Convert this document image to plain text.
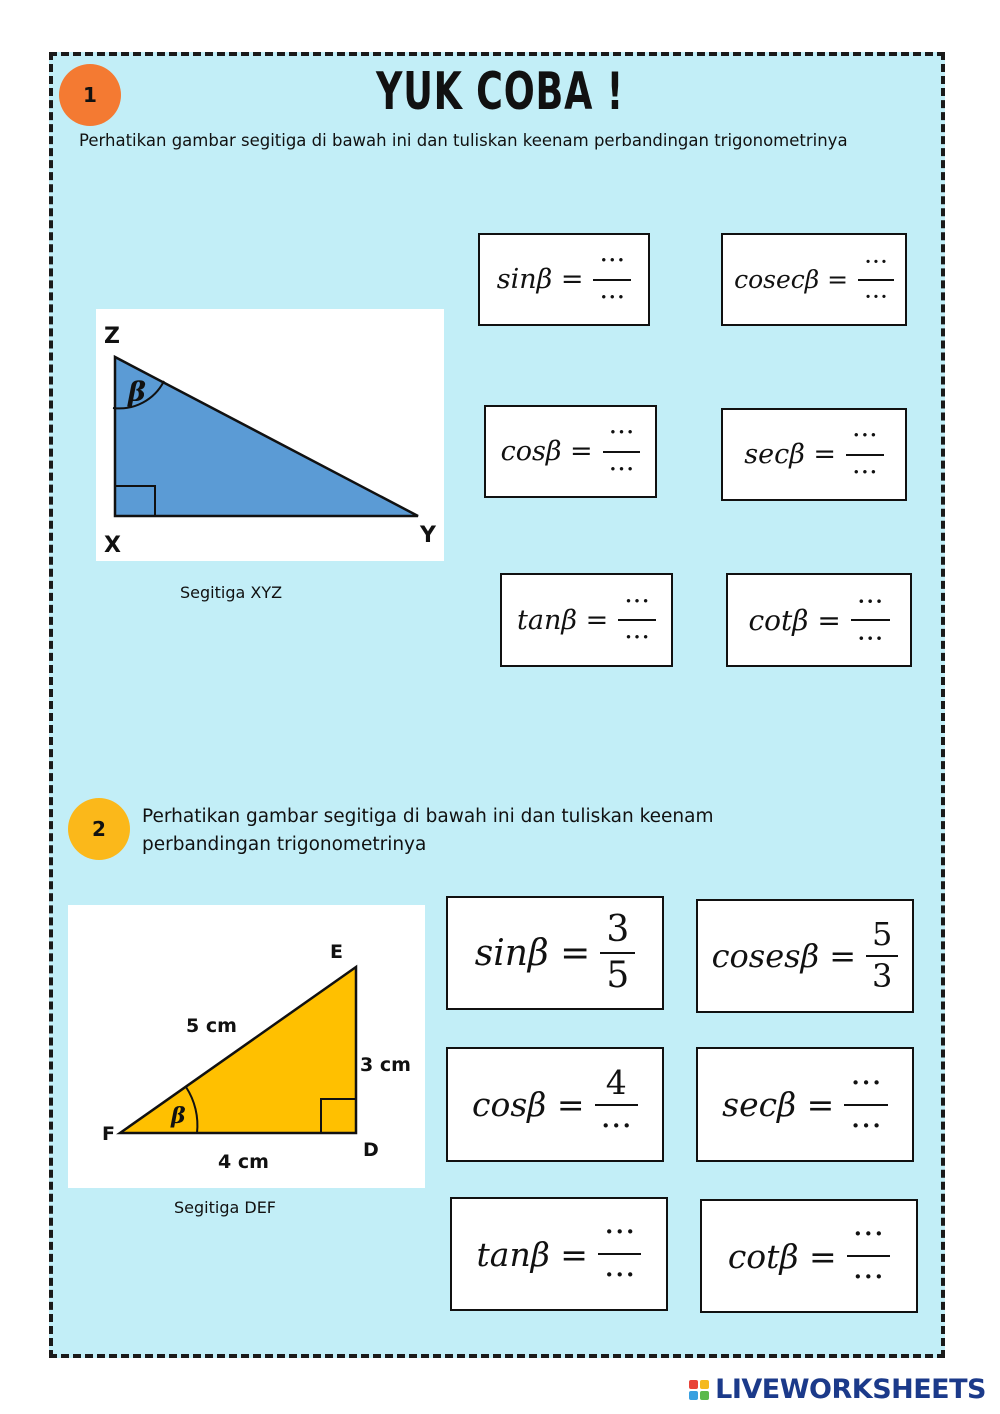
1	YUK COBA !
Perhatikan gambar segitiga di bawah ini dan tuliskan keenam perbandingan trigonometrinya
β
Z
X	Y
Segitiga XYZ
$\sin\beta = \frac{\cdot\cdot\cdot}{\cdot\cdot\cdot}$	$cosec\beta = \frac{\cdot\cdot\cdot}{\cdot\cdot\cdot}$
$\cos\beta = \frac{\cdot\cdot\cdot}{\cdot\cdot\cdot}$	$\sec\beta = \frac{\cdot\cdot\cdot}{\cdot\cdot\cdot}$
$\tan\beta = \frac{\cdot\cdot\cdot}{\cdot\cdot\cdot}$	$\cot\beta = \frac{\cdot\cdot\cdot}{\cdot\cdot\cdot}$
2
Perhatikan gambar segitiga di bawah ini dan tuliskan keenam
perbandingan trigonometrinya
β
E
F
D
5 cm
3 cm
4 cm
Segitiga DEF
$\sin\beta = \frac{3}{5}$ cosesβ = $\frac{5}{3}$
$\cos\beta = \frac{4}{\cdot\cdot\cdot}$	$\sec\beta = \frac{\cdot\cdot\cdot}{\cdot\cdot\cdot}$
$\tan\beta = \frac{\cdot\cdot\cdot}{\cdot\cdot\cdot}$	$\cot\beta = \frac{\cdot\cdot\cdot}{\cdot\cdot\cdot}$
LIVEWORKSHEETS
